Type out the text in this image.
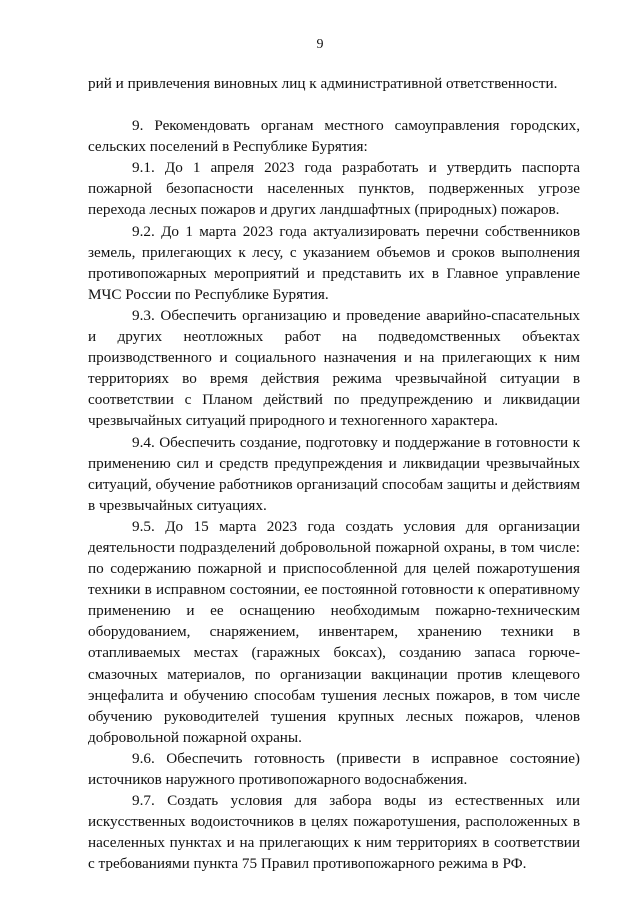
9

рий и привлечения виновных лиц к административной ответственности.

9. Рекомендовать органам местного самоуправления городских, сельских поселений в Республике Бурятия:

9.1. До 1 апреля 2023 года разработать и утвердить паспорта пожарной безопасности населенных пунктов, подверженных угрозе перехода лесных пожаров и других ландшафтных (природных) пожаров.

9.2. До 1 марта 2023 года актуализировать перечни собственников земель, прилегающих к лесу, с указанием объемов и сроков выполнения противопожарных мероприятий и представить их в Главное управление МЧС России по Республике Бурятия.

9.3. Обеспечить организацию и проведение аварийно-спасательных и других неотложных работ на подведомственных объектах производственного и социального назначения и на прилегающих к ним территориях во время действия режима чрезвычайной ситуации в соответствии с Планом действий по предупреждению и ликвидации чрезвычайных ситуаций природного и техногенного характера.

9.4. Обеспечить создание, подготовку и поддержание в готовности к применению сил и средств предупреждения и ликвидации чрезвычайных ситуаций, обучение работников организаций способам защиты и действиям в чрезвычайных ситуациях.

9.5. До 15 марта 2023 года создать условия для организации деятельности подразделений добровольной пожарной охраны, в том числе: по содержанию пожарной и приспособленной для целей пожаротушения техники в исправном состоянии, ее постоянной готовности к оперативному применению и ее оснащению необходимым пожарно-техническим оборудованием, снаряжением, инвентарем, хранению техники в отапливаемых местах (гаражных боксах), созданию запаса горюче-смазочных материалов, по организации вакцинации против клещевого энцефалита и обучению способам тушения лесных пожаров, в том числе обучению руководителей тушения крупных лесных пожаров, членов добровольной пожарной охраны.

9.6. Обеспечить готовность (привести в исправное состояние) источников наружного противопожарного водоснабжения.

9.7. Создать условия для забора воды из естественных или искусственных водоисточников в целях пожаротушения, расположенных в населенных пунктах и на прилегающих к ним территориях в соответствии с требованиями пункта 75 Правил противопожарного режима в РФ.
